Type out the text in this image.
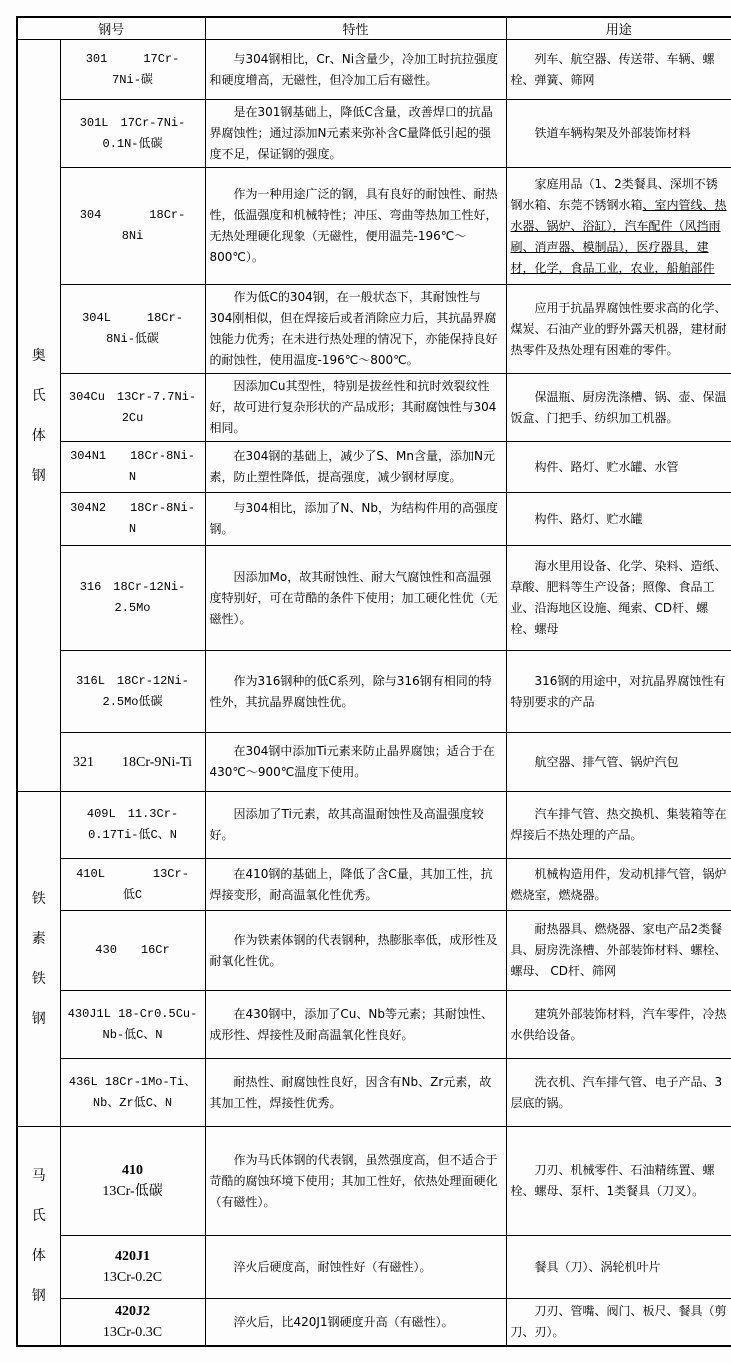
钢号		特性	用途

奥氏体钢	301　　　17Cr-
7Ni-碳	与304钢相比，Cr、Ni含量少，冷加工时抗拉强度和硬度增高，无磁性，但冷加工后有磁性。	列车、航空器、传送带、车辆、螺栓、弹簧、筛网

	301L　17Cr-7Ni-
0.1N-低碳	是在301钢基础上，降低C含量，改善焊口的抗晶界腐蚀性；通过添加N元素来弥补含C量降低引起的强度不足，保证钢的强度。	铁道车辆构架及外部装饰材料

	304　　　　18Cr-
8Ni	作为一种用途广泛的钢，具有良好的耐蚀性、耐热性，低温强度和机械特性；冲压、弯曲等热加工性好，无热处理硬化现象（无磁性，便用温芫-196℃～800℃）。	家庭用品（1、2类餐具、深圳不锈钢水箱、东莞不锈钢水箱、室内管线、热水器、锅炉、浴缸），汽车配件（风挡雨刷、消声器、模制品），医疗器具，建材，化学，食品工业，农业，船舶部件

	304L　　　18Cr-
8Ni-低碳	作为低C的304钢，在一般状态下，其耐蚀性与304刚相似，但在焊接后或者消除应力后，其抗晶界腐蚀能力优秀；在未进行热处理的情况下，亦能保持良好的耐蚀性，使用温度-196℃～800℃。	应用于抗晶界腐蚀性要求高的化学、煤炭、石油产业的野外露天机器，建材耐热零件及热处理有困难的零件。

	304Cu　13Cr-7.7Ni-
2Cu	因添加Cu其型性，特别是拔丝性和抗时效裂纹性好，故可进行复杂形状的产品成形；其耐腐蚀性与304相同。	保温瓶、厨房洗涤槽、锅、壶、保温饭盒、门把手、纺织加工机器。

	304N1　　18Cr-8Ni-
N	在304钢的基础上，减少了S、Mn含量，添加N元素，防止塑性降低，提高强度，减少钢材厚度。	构件、路灯、贮水罐、水管

	304N2　　18Cr-8Ni-
N	与304相比，添加了N、Nb，为结构件用的高强度钢。	构件、路灯、贮水罐

	316　18Cr-12Ni-
2.5Mo	因添加Mo，故其耐蚀性、耐大气腐蚀性和高温强度特别好，可在苛酷的条件下使用；加工硬化性优（无磁性）。	海水里用设备、化学、染料、造纸、草酸、肥料等生产设备；照像、食品工业、沿海地区设施、绳索、CD杆、螺栓、螺母

	316L　18Cr-12Ni-
2.5Mo低碳	作为316钢种的低C系列，除与316钢有相同的特性外，其抗晶界腐蚀性优。	316钢的用途中，对抗晶界腐蚀性有特别要求的产品

	321　　18Cr-9Ni-Ti	在304钢中添加Ti元素来防止晶界腐蚀；适合于在430℃～900℃温度下使用。	航空器、排气管、锅炉汽包

铁素铁钢	409L　11.3Cr-
0.17Ti-低C、N	因添加了Ti元素，故其高温耐蚀性及高温强度较好。	汽车排气管、热交换机、集装箱等在焊接后不热处理的产品。

	410L　　　　13Cr-
低C	在410钢的基础上，降低了含C量，其加工性，抗焊接变形，耐高温氧化性优秀。	机械构造用件，发动机排气管，锅炉燃烧室，燃烧器。

	430　　16Cr	作为铁素体钢的代表钢种，热膨胀率低，成形性及耐氧化性优。	耐热器具、燃烧器、家电产品2类餐具、厨房洗涤槽、外部装饰材料、螺栓、螺母、 CD杆、筛网

	430J1L 18-Cr0.5Cu-
Nb-低C、N	在430钢中，添加了Cu、Nb等元素；其耐蚀性、成形性、焊接性及耐高温氧化性良好。	建筑外部装饰材料，汽车零件，冷热水供给设备。

	436L 18Cr-1Mo-Ti、
Nb、Zr低C、N	耐热性、耐腐蚀性良好，因含有Nb、Zr元素，故其加工性，焊接性优秀。	洗衣机、汽车排气管、电子产品、3层底的锅。

马氏体钢	410
13Cr-低碳	作为马氏体钢的代表钢，虽然强度高，但不适合于苛酷的腐蚀环境下使用；其加工性好，依热处理面硬化（有磁性）。	刀刃、机械零件、石油精练置、螺栓、螺母、泵杆、1类餐具（刀叉）。

	420J1
13Cr-0.2C	淬火后硬度高，耐蚀性好（有磁性）。	餐具（刀）、涡轮机叶片

	420J2
13Cr-0.3C	淬火后，比420J1钢硬度升高（有磁性）。	刀刃、管嘴、阀门、板尺、餐具（剪刀、刃）。
